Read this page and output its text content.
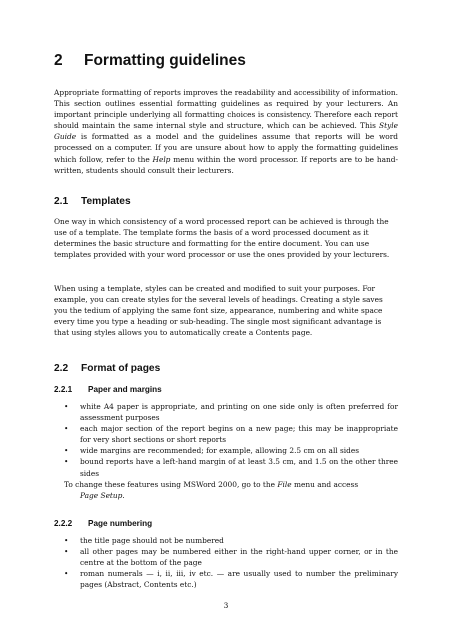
2 Formatting guidelines
Appropriate formatting of reports improves the readability and accessibility of information. This section outlines essential formatting guidelines as required by your lecturers. An important principle underlying all formatting choices is consistency. Therefore each report should maintain the same internal style and structure, which can be achieved. This Style Guide is formatted as a model and the guidelines assume that reports will be word processed on a computer. If you are unsure about how to apply the formatting guidelines which follow, refer to the Help menu within the word processor. If reports are to be hand-written, students should consult their lecturers.
2.1 Templates
One way in which consistency of a word processed report can be achieved is through the use of a template. The template forms the basis of a word processed document as it determines the basic structure and formatting for the entire document. You can use templates provided with your word processor or use the ones provided by your lecturers.
When using a template, styles can be created and modified to suit your purposes. For example, you can create styles for the several levels of headings. Creating a style saves you the tedium of applying the same font size, appearance, numbering and white space every time you type a heading or sub-heading. The single most significant advantage is that using styles allows you to automatically create a Contents page.
2.2 Format of pages
2.2.1 Paper and margins
• white A4 paper is appropriate, and printing on one side only is often preferred for assessment purposes
• each major section of the report begins on a new page; this may be inappropriate for very short sections or short reports
• wide margins are recommended; for example, allowing 2.5 cm on all sides
• bound reports have a left-hand margin of at least 3.5 cm, and 1.5 on the other three sides
To change these features using MSWord 2000, go to the File menu and access
Page Setup.
2.2.2 Page numbering
• the title page should not be numbered
• all other pages may be numbered either in the right-hand upper corner, or in the centre at the bottom of the page
• roman numerals — i, ii, iii, iv etc. — are usually used to number the preliminary pages (Abstract, Contents etc.)
3
